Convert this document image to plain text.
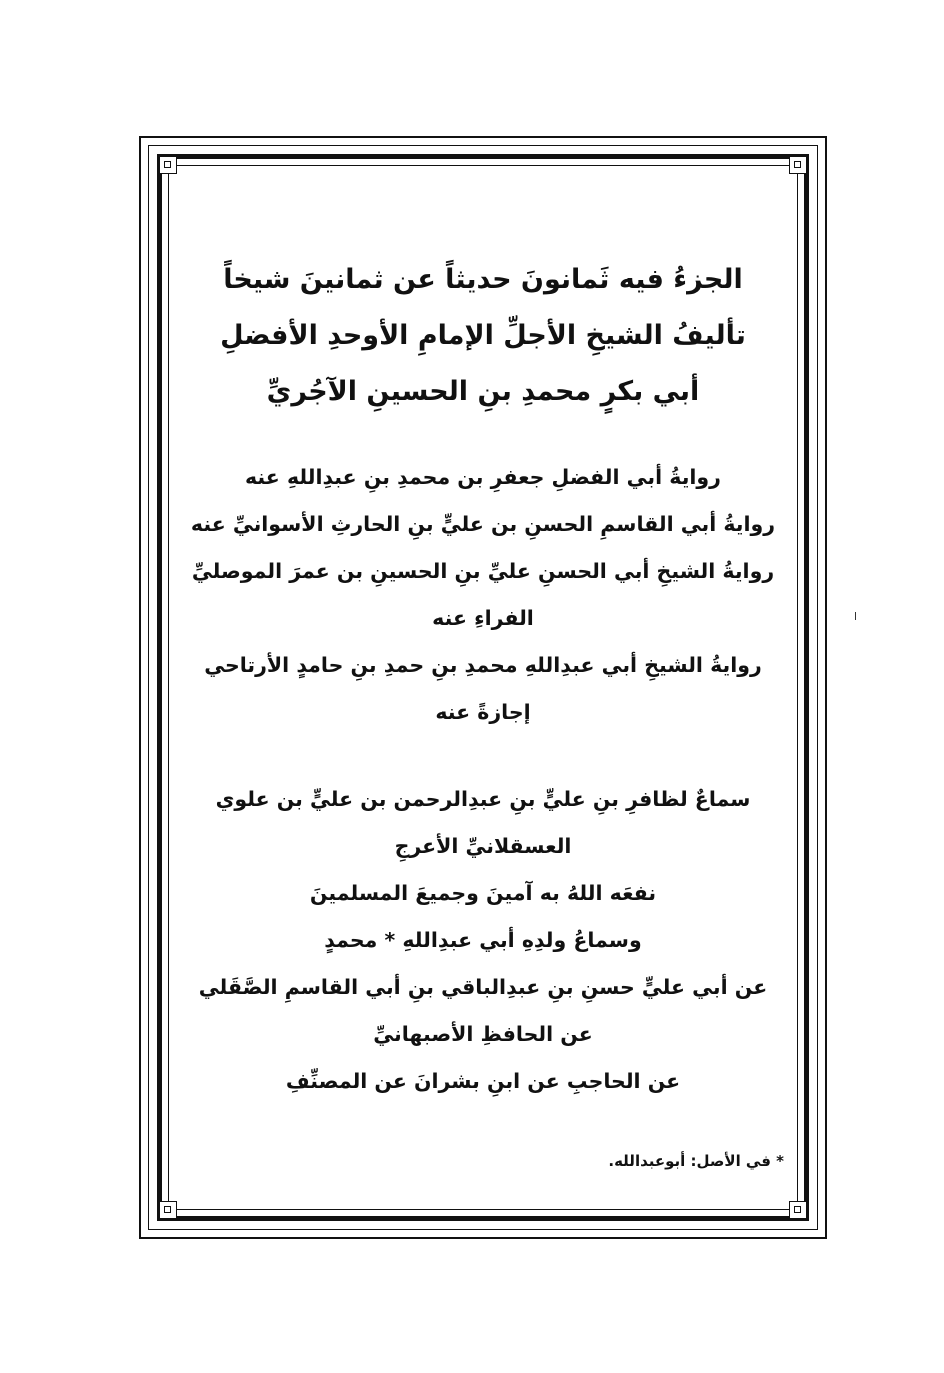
الجزءُ فيه ثَمانونَ حديثاً عن ثمانينَ شيخاً
تأليفُ الشيخِ الأجلِّ الإمامِ الأوحدِ الأفضلِ
أبي بكرٍ محمدِ بنِ الحسينِ الآجُريِّ
روايةُ أبي الفضلِ جعفرِ بن محمدِ بنِ عبدِاللهِ عنه
روايةُ أبي القاسمِ الحسنِ بن عليٍّ بنِ الحارثِ الأسوانيِّ عنه
روايةُ الشيخِ أبي الحسنِ عليِّ بنِ الحسينِ بن عمرَ الموصليِّ
الفراءِ عنه
روايةُ الشيخِ أبي عبدِاللهِ محمدِ بنِ حمدِ بنِ حامدٍ الأرتاحي
إجازةً عنه
سماعٌ لظافرِ بنِ عليٍّ بنِ عبدِالرحمن بن عليٍّ بن علوي
العسقلانيِّ الأعرجِ
نفعَه اللهُ به آمينَ وجميعَ المسلمينَ
وسماعُ ولدِهِ أبي عبدِاللهِ * محمدٍ
عن أبي عليٍّ حسنِ بنِ عبدِالباقي بنِ أبي القاسمِ الصَّقَلي
عن الحافظِ الأصبهانيِّ
عن الحاجبِ عن ابنِ بشرانَ عن المصنِّفِ
* في الأصل: أبوعبدالله.
